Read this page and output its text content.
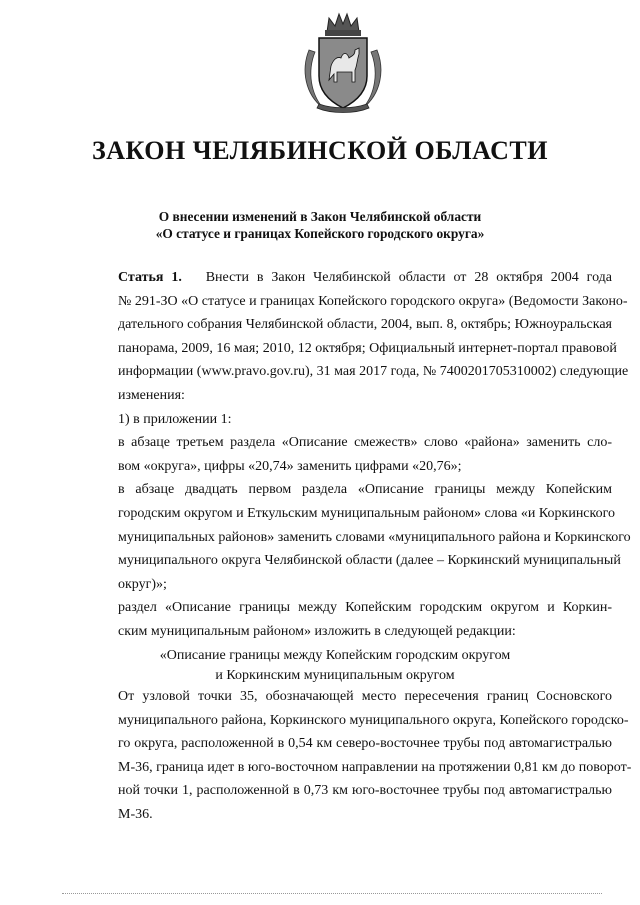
ЗАКОН ЧЕЛЯБИНСКОЙ ОБЛАСТИ
О внесении изменений в Закон Челябинской области
«О статусе и границах Копейского городского округа»
Статья 1. Внести в Закон Челябинской области от 28 октября 2004 года
№ 291-ЗО «О статусе и границах Копейского городского округа» (Ведомости Законо-
дательного собрания Челябинской области, 2004, вып. 8, октябрь; Южноуральская
панорама, 2009, 16 мая; 2010, 12 октября; Официальный интернет-портал правовой
информации (www.pravo.gov.ru), 31 мая 2017 года, № 7400201705310002) следующие
изменения:
1) в приложении 1:
в абзаце третьем раздела «Описание смежеств» слово «района» заменить сло-
вом «округа», цифры «20,74» заменить цифрами «20,76»;
в абзаце двадцать первом раздела «Описание границы между Копейским
городским округом и Еткульским муниципальным районом» слова «и Коркинского
муниципальных районов» заменить словами «муниципального района и Коркинского
муниципального округа Челябинской области (далее – Коркинский муниципальный
округ)»;
раздел «Описание границы между Копейским городским округом и Коркин-
ским муниципальным районом» изложить в следующей редакции:
«Описание границы между Копейским городским округом
и Коркинским муниципальным округом
От узловой точки 35, обозначающей место пересечения границ Сосновского
муниципального района, Коркинского муниципального округа, Копейского городско-
го округа, расположенной в 0,54 км северо-восточнее трубы под автомагистралью
М-36, граница идет в юго-восточном направлении на протяжении 0,81 км до поворот-
ной точки 1, расположенной в 0,73 км юго-восточнее трубы под автомагистралью
М-36.
